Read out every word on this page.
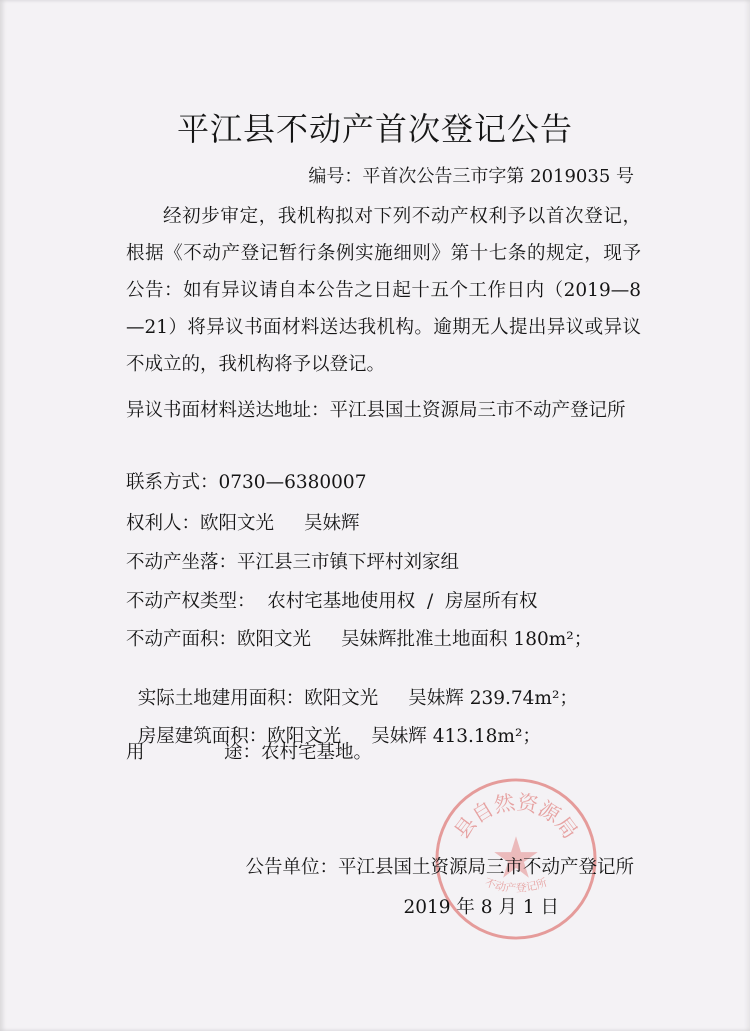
平江县不动产首次登记公告
编号：平首次公告三市字第 2019035 号
经初步审定，我机构拟对下列不动产权利予以首次登记，根据《不动产登记暂行条例实施细则》第十七条的规定，现予公告：如有异议请自本公告之日起十五个工作日内（2019—8—21）将异议书面材料送达我机构。逾期无人提出异议或异议不成立的，我机构将予以登记。
异议书面材料送达地址：平江县国土资源局三市不动产登记所
联系方式：0730—6380007
权利人：欧阳文光 吴妹辉
不动产坐落：平江县三市镇下坪村刘家组
不动产权类型：  农村宅基地使用权  /  房屋所有权
不动产面积：欧阳文光 吴妹辉批准土地面积 180m²；

实际土地建用面积：欧阳文光 吴妹辉 239.74m²；

房屋建筑面积：欧阳文光 吴妹辉 413.18m²；

用	途：农村宅基地。
县自然资源局
不动产登记所
公告单位：平江县国土资源局三市不动产登记所
2019 年 8 月 1 日
